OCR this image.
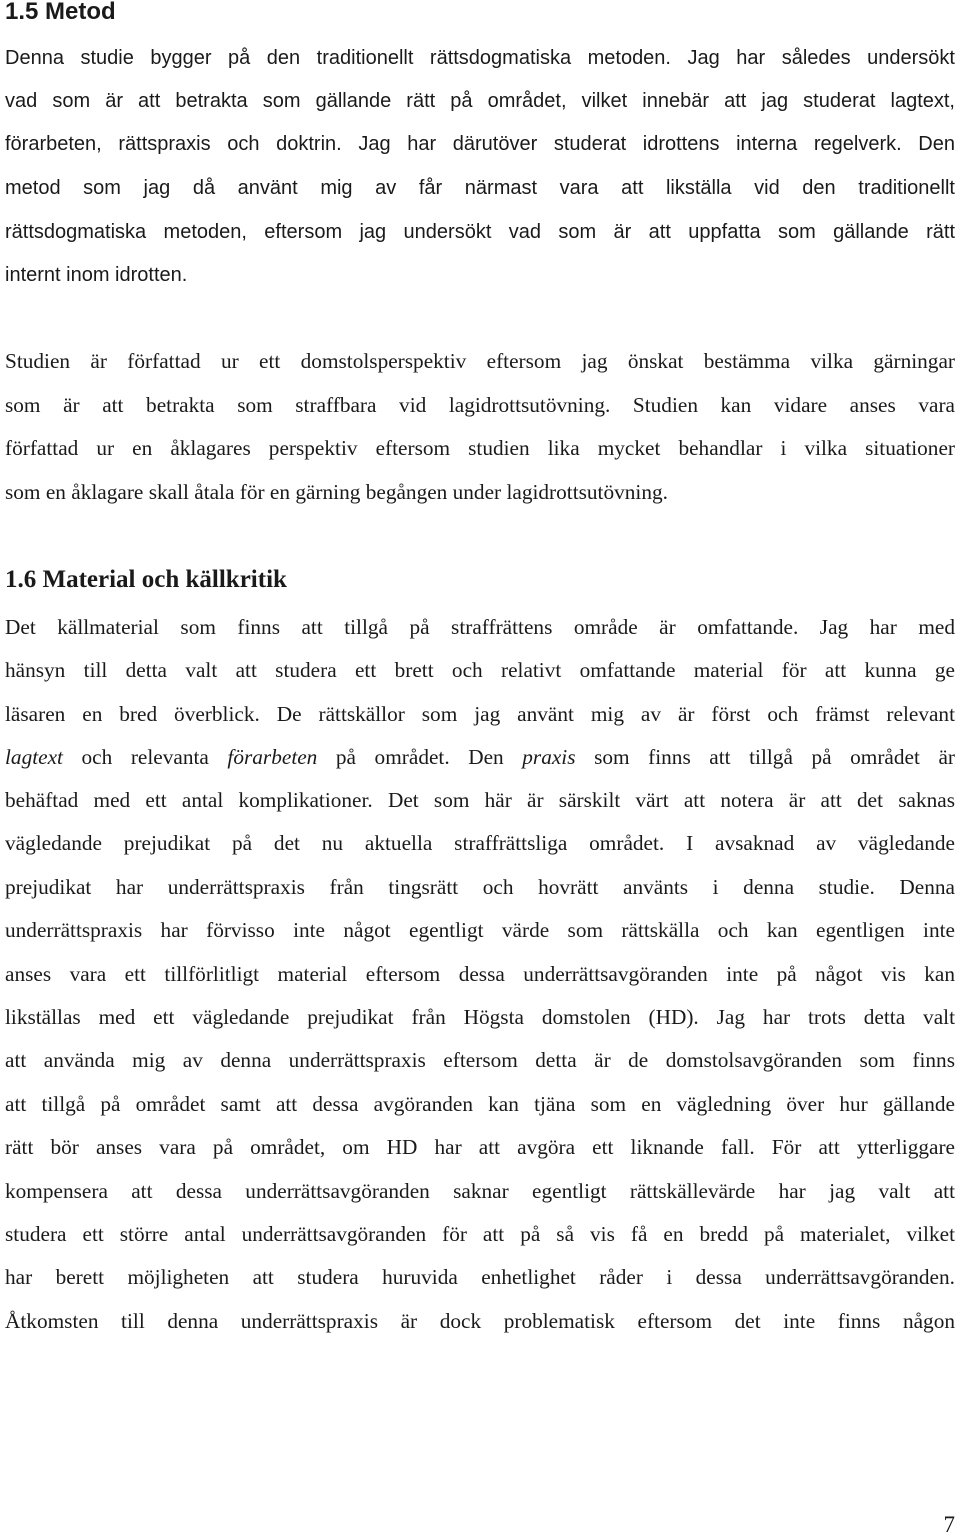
1.5 Metod

Denna studie bygger på den traditionellt rättsdogmatiska metoden. Jag har således undersökt

vad som är att betrakta som gällande rätt på området, vilket innebär att jag studerat lagtext,

förarbeten, rättspraxis och doktrin. Jag har därutöver studerat idrottens interna regelverk. Den

metod som jag då använt mig av får närmast vara att likställa vid den traditionellt

rättsdogmatiska metoden, eftersom jag undersökt vad som är att uppfatta som gällande rätt

internt inom idrotten.

Studien är författad ur ett domstolsperspektiv eftersom jag önskat bestämma vilka gärningar

som är att betrakta som straffbara vid lagidrottsutövning. Studien kan vidare anses vara

författad ur en åklagares perspektiv eftersom studien lika mycket behandlar i vilka situationer

som en åklagare skall åtala för en gärning begången under lagidrottsutövning.

1.6 Material och källkritik

Det källmaterial som finns att tillgå på straffrättens område är omfattande. Jag har med

hänsyn till detta valt att studera ett brett och relativt omfattande material för att kunna ge

läsaren en bred överblick. De rättskällor som jag använt mig av är först och främst relevant

lagtext och relevanta förarbeten på området. Den praxis som finns att tillgå på området är

behäftad med ett antal komplikationer. Det som här är särskilt värt att notera är att det saknas

vägledande prejudikat på det nu aktuella straffrättsliga området. I avsaknad av vägledande

prejudikat har underrättspraxis från tingsrätt och hovrätt använts i denna studie. Denna

underrättspraxis har förvisso inte något egentligt värde som rättskälla och kan egentligen inte

anses vara ett tillförlitligt material eftersom dessa underrättsavgöranden inte på något vis kan

likställas med ett vägledande prejudikat från Högsta domstolen (HD). Jag har trots detta valt

att använda mig av denna underrättspraxis eftersom detta är de domstolsavgöranden som finns

att tillgå på området samt att dessa avgöranden kan tjäna som en vägledning över hur gällande

rätt bör anses vara på området, om HD har att avgöra ett liknande fall. För att ytterliggare

kompensera att dessa underrättsavgöranden saknar egentligt rättskällevärde har jag valt att

studera ett större antal underrättsavgöranden för att på så vis få en bredd på materialet, vilket

har berett möjligheten att studera huruvida enhetlighet råder i dessa underrättsavgöranden.

Åtkomsten till denna underrättspraxis är dock problematisk eftersom det inte finns någon

7
